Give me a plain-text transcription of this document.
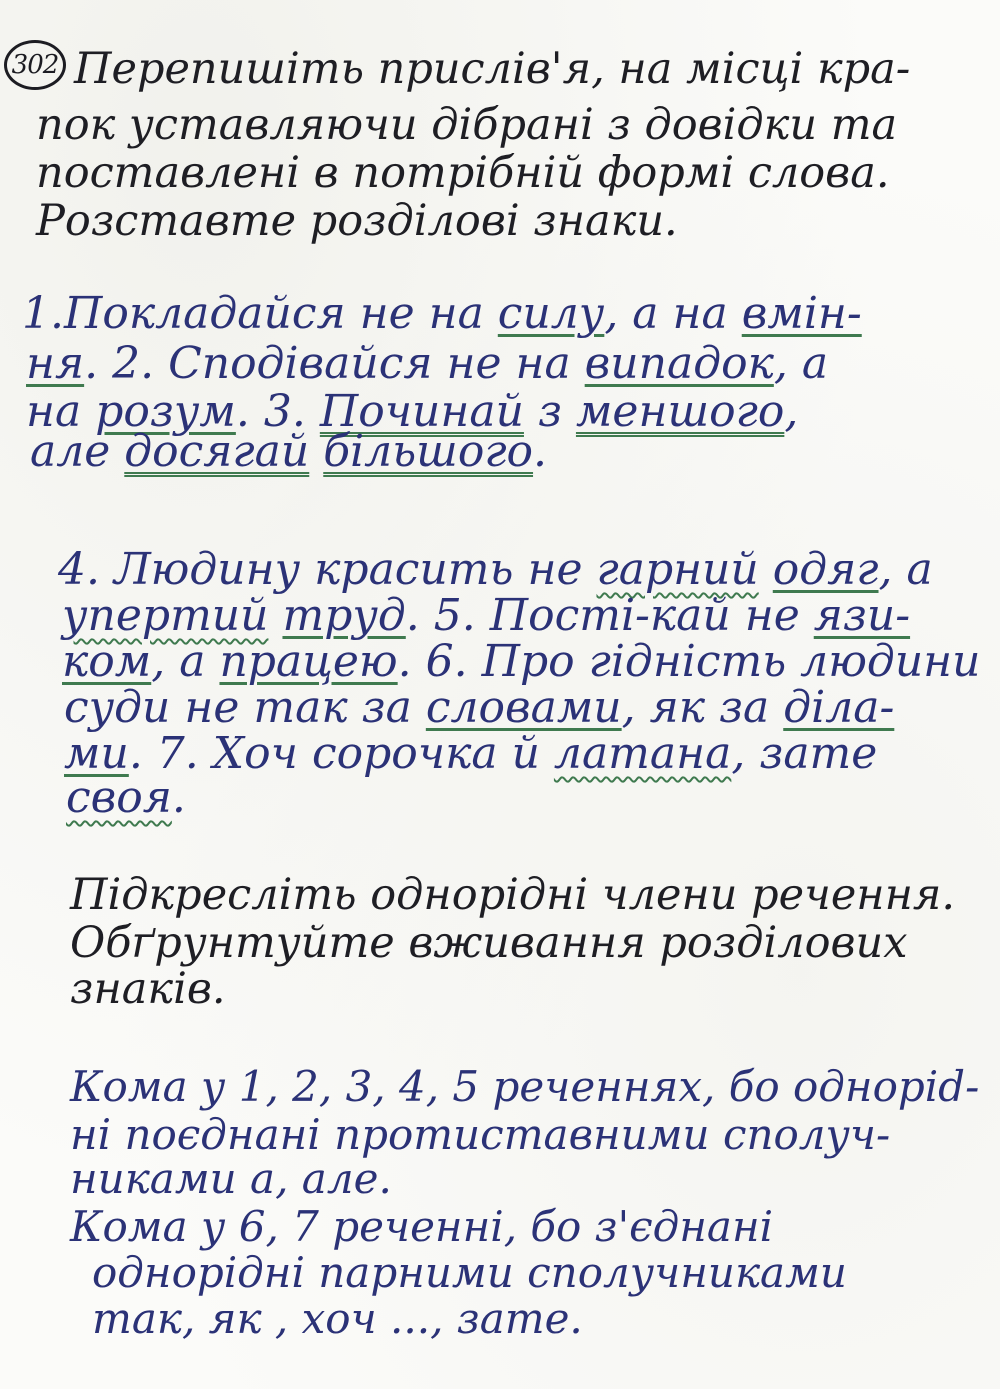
302 Перепишіть прислів'я, на місці кра-
пок уставляючи дібрані з довідки та
поставлені в потрібній формі слова.
Розставте розділові знаки.
1.Покладайся не на силу, а на вмін-
ня. 2. Сподівайся не на випадок, а
на розум. 3. Починай з меншого,
але досягай більшого.
4. Людину красить не гарний одяг, а
упертий труд. 5. Пості-кай не язи-
ком, а працею. 6. Про гідність людини
суди не так за словами, як за діла-
ми. 7. Хоч сорочка й латана, зате
своя.
Підкресліть однорідні члени речення.
Обґрунтуйте вживання розділових
знаків.
Кома у 1, 2, 3, 4, 5 реченнях, бо одноріd-
ні поєднані протиставними сполуч-
никами а, але.
Кома у 6, 7 реченні, бо з'єднані
однорідні парними сполучниками
так, як , хоч ..., зате.
